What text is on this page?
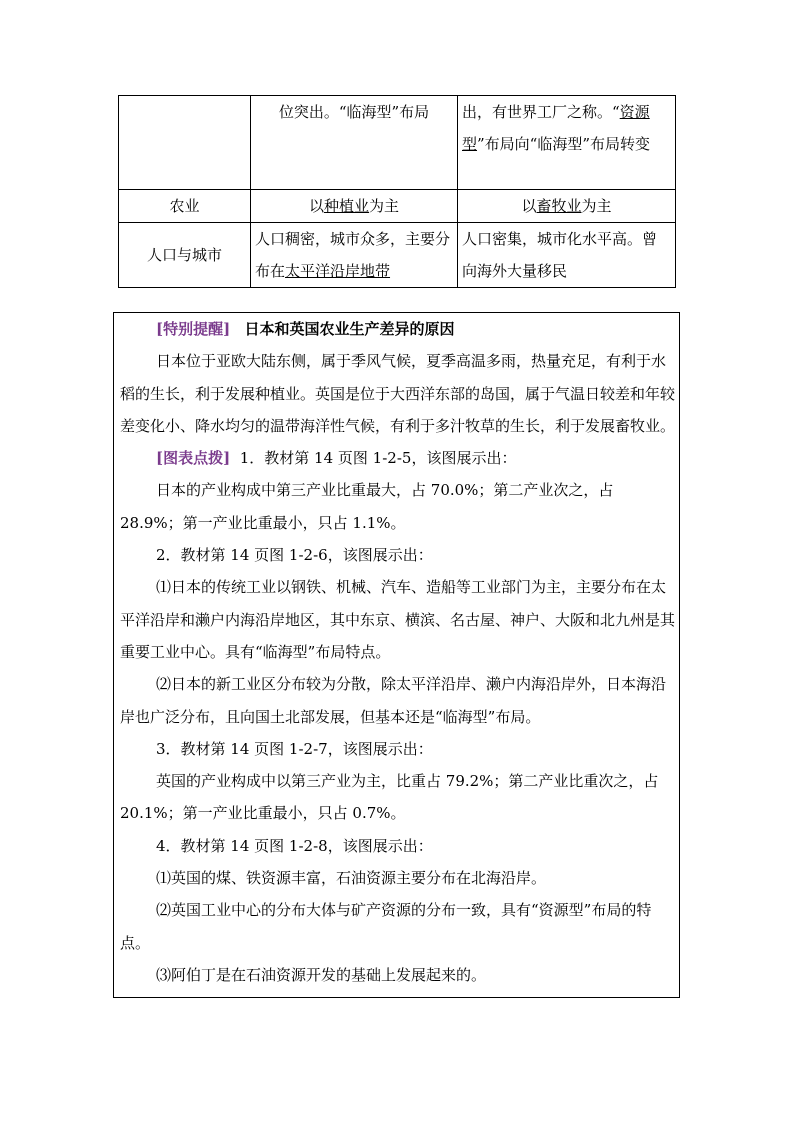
	位突出。“临海型”布局	出，有世界工厂之称。“资源型”布局向“临海型”布局转变
农业	以种植业为主	以畜牧业为主
人口与城市	人口稠密，城市众多，主要分布在太平洋沿岸地带	人口密集，城市化水平高。曾向海外大量移民

[特别提醒] 日本和英国农业生产差异的原因

日本位于亚欧大陆东侧，属于季风气候，夏季高温多雨，热量充足，有利于水稻的生长，利于发展种植业。英国是位于大西洋东部的岛国，属于气温日较差和年较差变化小、降水均匀的温带海洋性气候，有利于多汁牧草的生长，利于发展畜牧业。

[图表点拨] 1．教材第 14 页图 1-2-5，该图展示出：

日本的产业构成中第三产业比重最大，占 70.0%；第二产业次之，占 28.9%；第一产业比重最小，只占 1.1%。

2．教材第 14 页图 1-2-6，该图展示出：

⑴日本的传统工业以钢铁、机械、汽车、造船等工业部门为主，主要分布在太平洋沿岸和濑户内海沿岸地区，其中东京、横滨、名古屋、神户、大阪和北九州是其重要工业中心。具有“临海型”布局特点。

⑵日本的新工业区分布较为分散，除太平洋沿岸、濑户内海沿岸外，日本海沿岸也广泛分布，且向国土北部发展，但基本还是“临海型”布局。

3．教材第 14 页图 1-2-7，该图展示出：

英国的产业构成中以第三产业为主，比重占 79.2%；第二产业比重次之，占 20.1%；第一产业比重最小，只占 0.7%。

4．教材第 14 页图 1-2-8，该图展示出：

⑴英国的煤、铁资源丰富，石油资源主要分布在北海沿岸。

⑵英国工业中心的分布大体与矿产资源的分布一致，具有“资源型”布局的特点。

⑶阿伯丁是在石油资源开发的基础上发展起来的。
